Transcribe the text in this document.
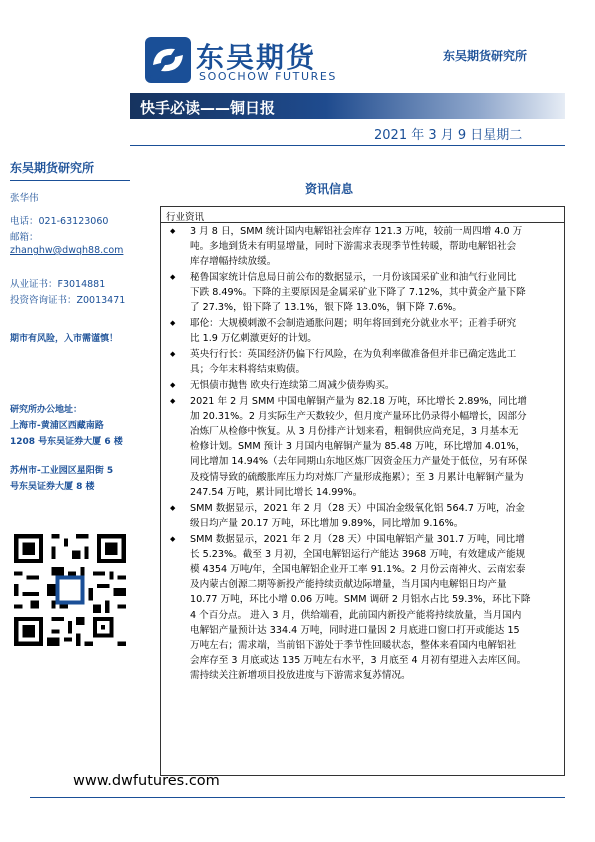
SCF
东吴期货
SOOCHOW FUTURES
东吴期货研究所
快手必读——铜日报
2021 年 3 月 9 日星期二
东吴期货研究所
张华伟
电话：021-63123060
邮箱：
zhanghw@dwqh88.com
从业证书：F3014881
投资咨询证书：Z0013471
期市有风险，入市需谨慎！
研究所办公地址：
上海市-黄浦区西藏南路
1208 号东吴证券大厦 6 楼
苏州市-工业园区星阳街 5
号东吴证券大厦 8 楼
资讯信息
行业资讯
◆	3 月 8 日，SMM 统计国内电解铝社会库存 121.3 万吨，较前一周四增 4.0 万
吨。多地到货未有明显增量，同时下游需求表现季节性转暖，帮助电解铝社会
库存增幅持续放缓。
◆	秘鲁国家统计信息局日前公布的数据显示，一月份该国采矿业和油气行业同比
下跌 8.49%。下降的主要原因是金属采矿业下降了 7.12%，其中黄金产量下降
了 27.3%，铅下降了 13.1%，银下降 13.0%，铜下降 7.6%。
◆	耶伦：大规模刺激不会制造通胀问题；明年将回到充分就业水平；正着手研究
比 1.9 万亿刺激更好的计划。
◆	英央行行长：英国经济仍偏下行风险，在为负利率做准备但并非已确定选此工
具；今年末料将结束购债。
◆	无惧债市抛售 欧央行连续第二周减少债券购买。
◆	2021 年 2 月 SMM 中国电解铜产量为 82.18 万吨，环比增长 2.89%，同比增
加 20.31%。2 月实际生产天数较少，但月度产量环比仍录得小幅增长，因部分
冶炼厂从检修中恢复。从 3 月份排产计划来看，粗铜供应尚充足，3 月基本无
检修计划。SMM 预计 3 月国内电解铜产量为 85.48 万吨，环比增加 4.01%，
同比增加 14.94%（去年同期山东地区炼厂因资金压力产量处于低位，另有环保
及疫情导致的硫酸胀库压力均对炼厂产量形成拖累）；至 3 月累计电解铜产量为
247.54 万吨，累计同比增长 14.99%。
◆	SMM 数据显示，2021 年 2 月（28 天）中国冶金级氧化铝 564.7 万吨，冶金
级日均产量 20.17 万吨，环比增加 9.89%，同比增加 9.16%。
◆	SMM 数据显示，2021 年 2 月（28 天）中国电解铝产量 301.7 万吨，同比增
长 5.23%。截至 3 月初，全国电解铝运行产能达 3968 万吨，有效建成产能规
模 4354 万吨/年，全国电解铝企业开工率 91.1%。2 月份云南神火、云南宏泰
及内蒙古创源二期等新投产能持续贡献边际增量，当月国内电解铝日均产量
10.77 万吨，环比小增 0.06 万吨。SMM 调研 2 月铝水占比 59.3%，环比下降
4 个百分点。 进入 3 月，供给端看，此前国内新投产能将持续放量，当月国内
电解铝产量预计达 334.4 万吨，同时进口量因 2 月底进口窗口打开或能达 15
万吨左右；需求端，当前铝下游处于季节性回暖状态，整体来看国内电解铝社
会库存至 3 月底或达 135 万吨左右水平，3 月底至 4 月初有望进入去库区间。
需持续关注新增项目投放进度与下游需求复苏情况。
www.dwfutures.com
